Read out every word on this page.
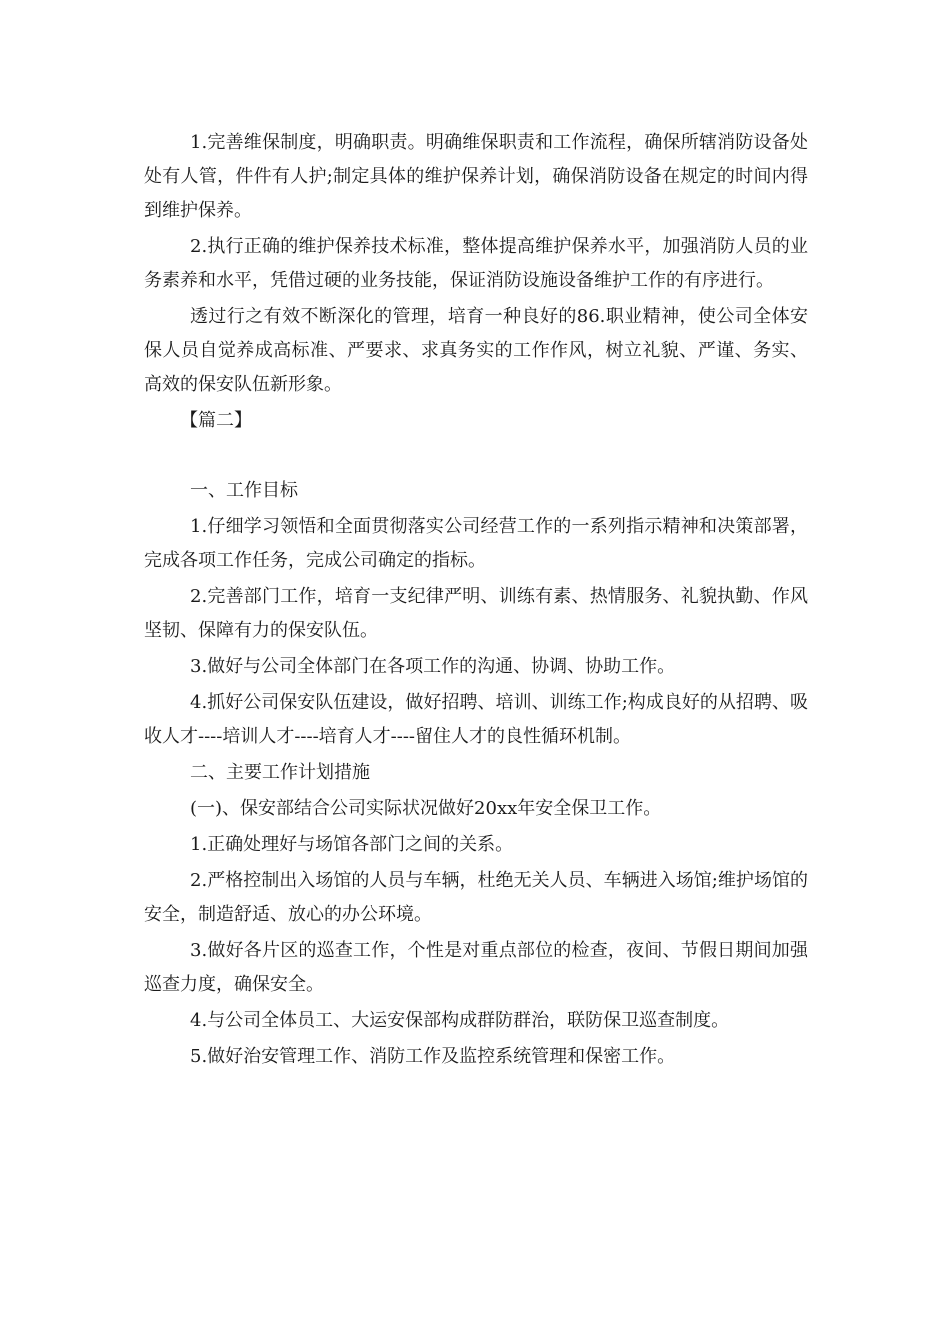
1.完善维保制度，明确职责。明确维保职责和工作流程，确保所辖消防设备处处有人管，件件有人护;制定具体的维护保养计划，确保消防设备在规定的时间内得到维护保养。

2.执行正确的维护保养技术标准，整体提高维护保养水平，加强消防人员的业务素养和水平，凭借过硬的业务技能，保证消防设施设备维护工作的有序进行。

透过行之有效不断深化的管理，培育一种良好的86.职业精神，使公司全体安保人员自觉养成高标准、严要求、求真务实的工作作风，树立礼貌、严谨、务实、高效的保安队伍新形象。

【篇二】

一、工作目标

1.仔细学习领悟和全面贯彻落实公司经营工作的一系列指示精神和决策部署，完成各项工作任务，完成公司确定的指标。

2.完善部门工作，培育一支纪律严明、训练有素、热情服务、礼貌执勤、作风坚韧、保障有力的保安队伍。

3.做好与公司全体部门在各项工作的沟通、协调、协助工作。

4.抓好公司保安队伍建设，做好招聘、培训、训练工作;构成良好的从招聘、吸收人才----培训人才----培育人才----留住人才的良性循环机制。

二、主要工作计划措施

(一)、保安部结合公司实际状况做好20xx年安全保卫工作。

1.正确处理好与场馆各部门之间的关系。

2.严格控制出入场馆的人员与车辆，杜绝无关人员、车辆进入场馆;维护场馆的安全，制造舒适、放心的办公环境。

3.做好各片区的巡查工作，个性是对重点部位的检查，夜间、节假日期间加强巡查力度，确保安全。

4.与公司全体员工、大运安保部构成群防群治，联防保卫巡查制度。

5.做好治安管理工作、消防工作及监控系统管理和保密工作。
